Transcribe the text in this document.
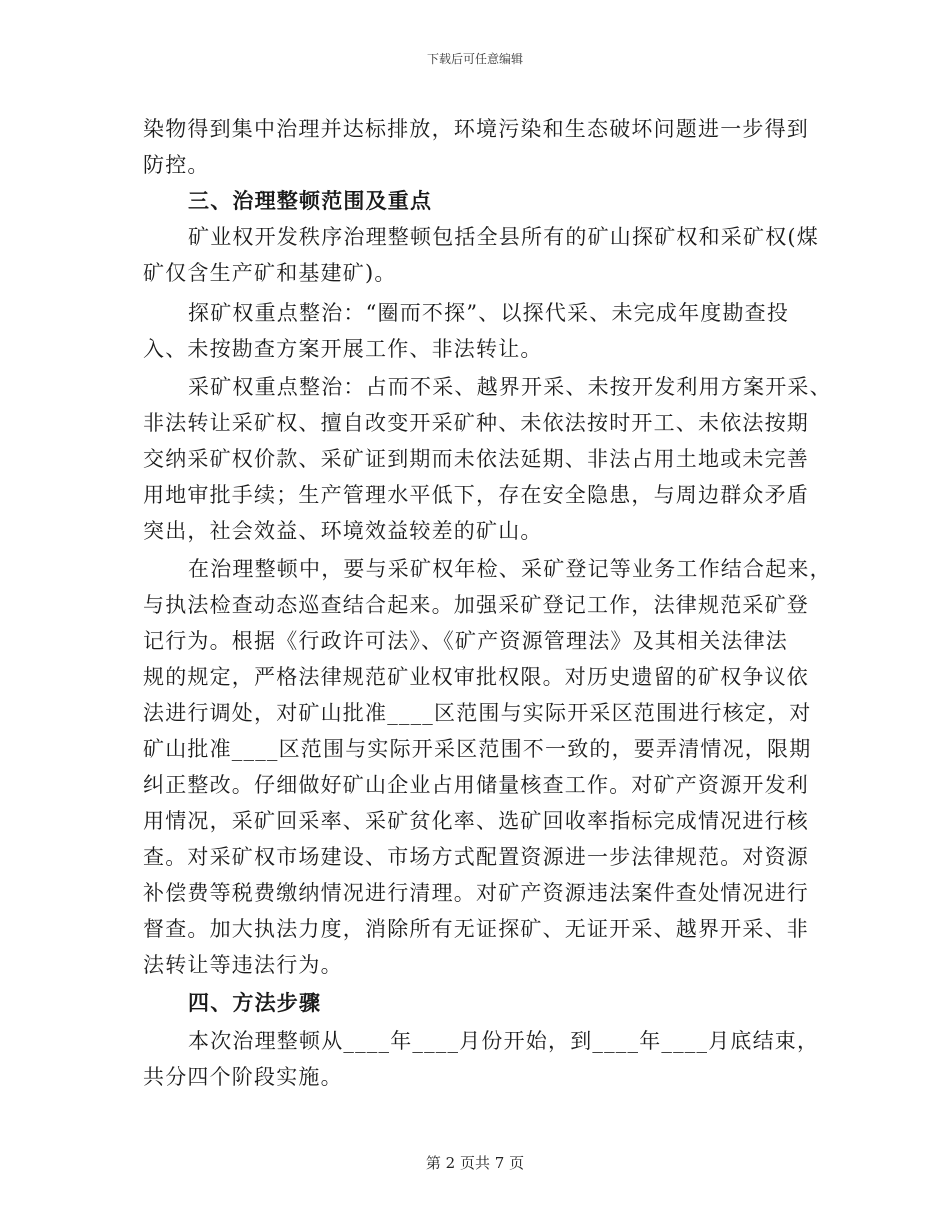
下载后可任意编辑
染物得到集中治理并达标排放，环境污染和生态破坏问题进一步得到
防控。
三、治理整顿范围及重点
矿业权开发秩序治理整顿包括全县所有的矿山探矿权和采矿权(煤
矿仅含生产矿和基建矿)。
探矿权重点整治：“圈而不探”、以探代采、未完成年度勘查投
入、未按勘查方案开展工作、非法转让。
采矿权重点整治：占而不采、越界开采、未按开发利用方案开采、
非法转让采矿权、擅自改变开采矿种、未依法按时开工、未依法按期
交纳采矿权价款、采矿证到期而未依法延期、非法占用土地或未完善
用地审批手续；生产管理水平低下，存在安全隐患，与周边群众矛盾
突出，社会效益、环境效益较差的矿山。
在治理整顿中，要与采矿权年检、采矿登记等业务工作结合起来，
与执法检查动态巡查结合起来。加强采矿登记工作，法律规范采矿登
记行为。根据《行政许可法》、《矿产资源管理法》及其相关法律法
规的规定，严格法律规范矿业权审批权限。对历史遗留的矿权争议依
法进行调处，对矿山批准____区范围与实际开采区范围进行核定，对
矿山批准____区范围与实际开采区范围不一致的，要弄清情况，限期
纠正整改。仔细做好矿山企业占用储量核查工作。对矿产资源开发利
用情况，采矿回采率、采矿贫化率、选矿回收率指标完成情况进行核
查。对采矿权市场建设、市场方式配置资源进一步法律规范。对资源
补偿费等税费缴纳情况进行清理。对矿产资源违法案件查处情况进行
督查。加大执法力度，消除所有无证探矿、无证开采、越界开采、非
法转让等违法行为。
四、方法步骤
本次治理整顿从____年____月份开始，到____年____月底结束，
共分四个阶段实施。
第 2 页共 7 页
